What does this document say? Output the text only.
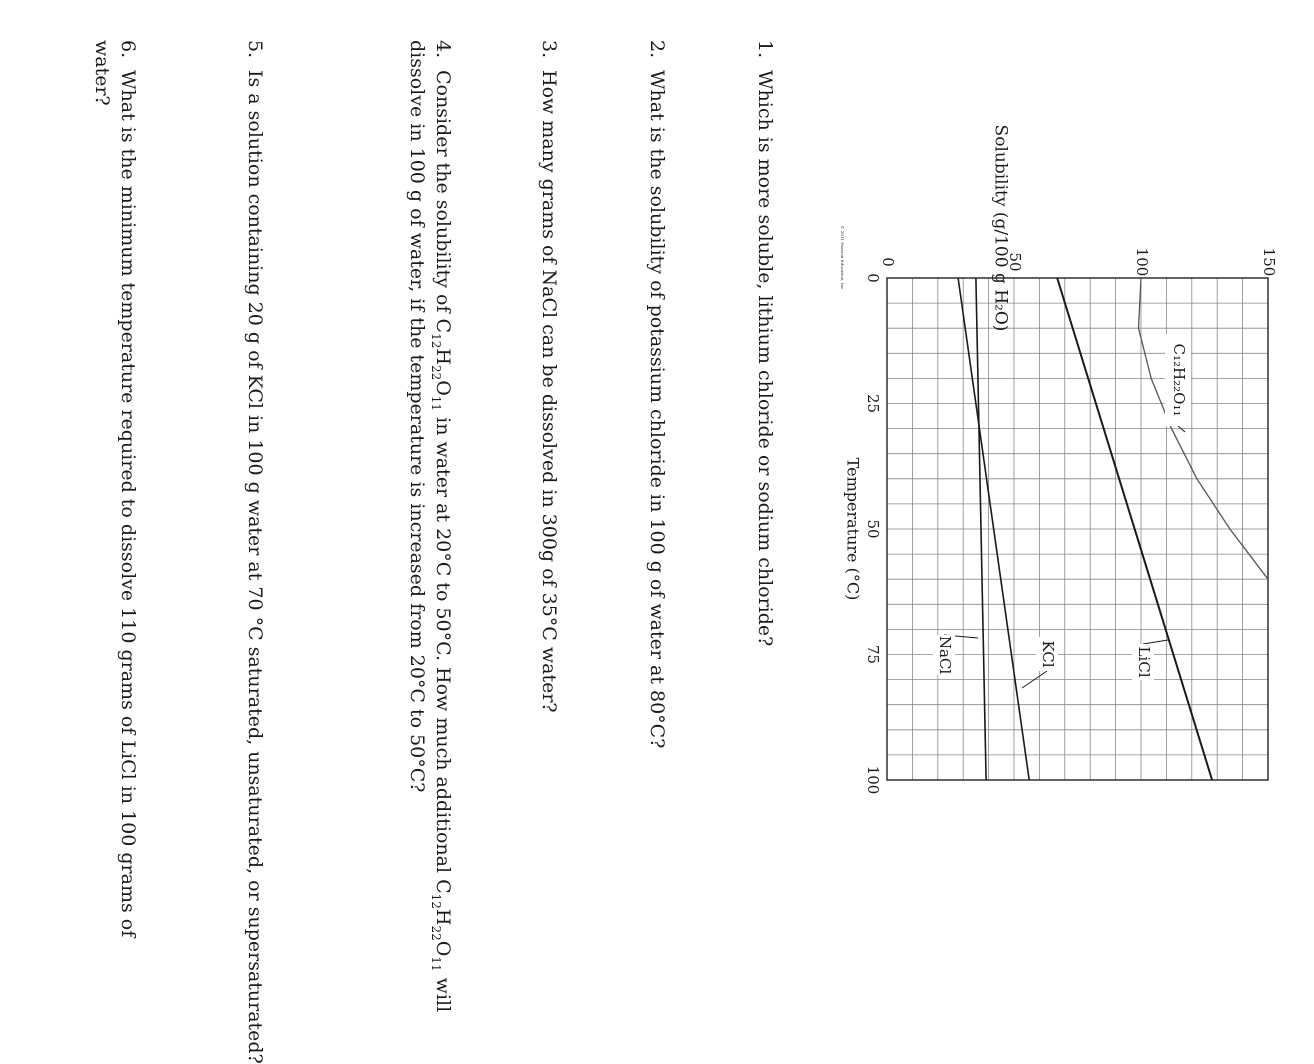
0
25
50
75
100
0	50	100	150
Solubility (g/100 g H₂O)
Temperature (°C)
C₁₂H₂₂O₁₁
LiCl
KCl
NaCl
© 2011 Pearson Education, Inc.
1.Which is more soluble, lithium chloride or sodium chloride?
2.What is the solubility of potassium chloride in 100 g of water at 80°C?
3.How many grams of NaCl can be dissolved in 300g of 35°C water?
4.Consider the solubility of $C_{12}H_{22}O_{11}$ in water at 20°C to 50°C. How much additional $C_{12}H_{22}O_{11}$ will
dissolve in 100 g of water, if the temperature is increased from 20°C to 50°C?
5.Is a solution containing 20 g of KCl in 100 g water at 70 °C saturated, unsaturated, or supersaturated?
6.What is the minimum temperature required to dissolve 110 grams of LiCl in 100 grams of
water?
